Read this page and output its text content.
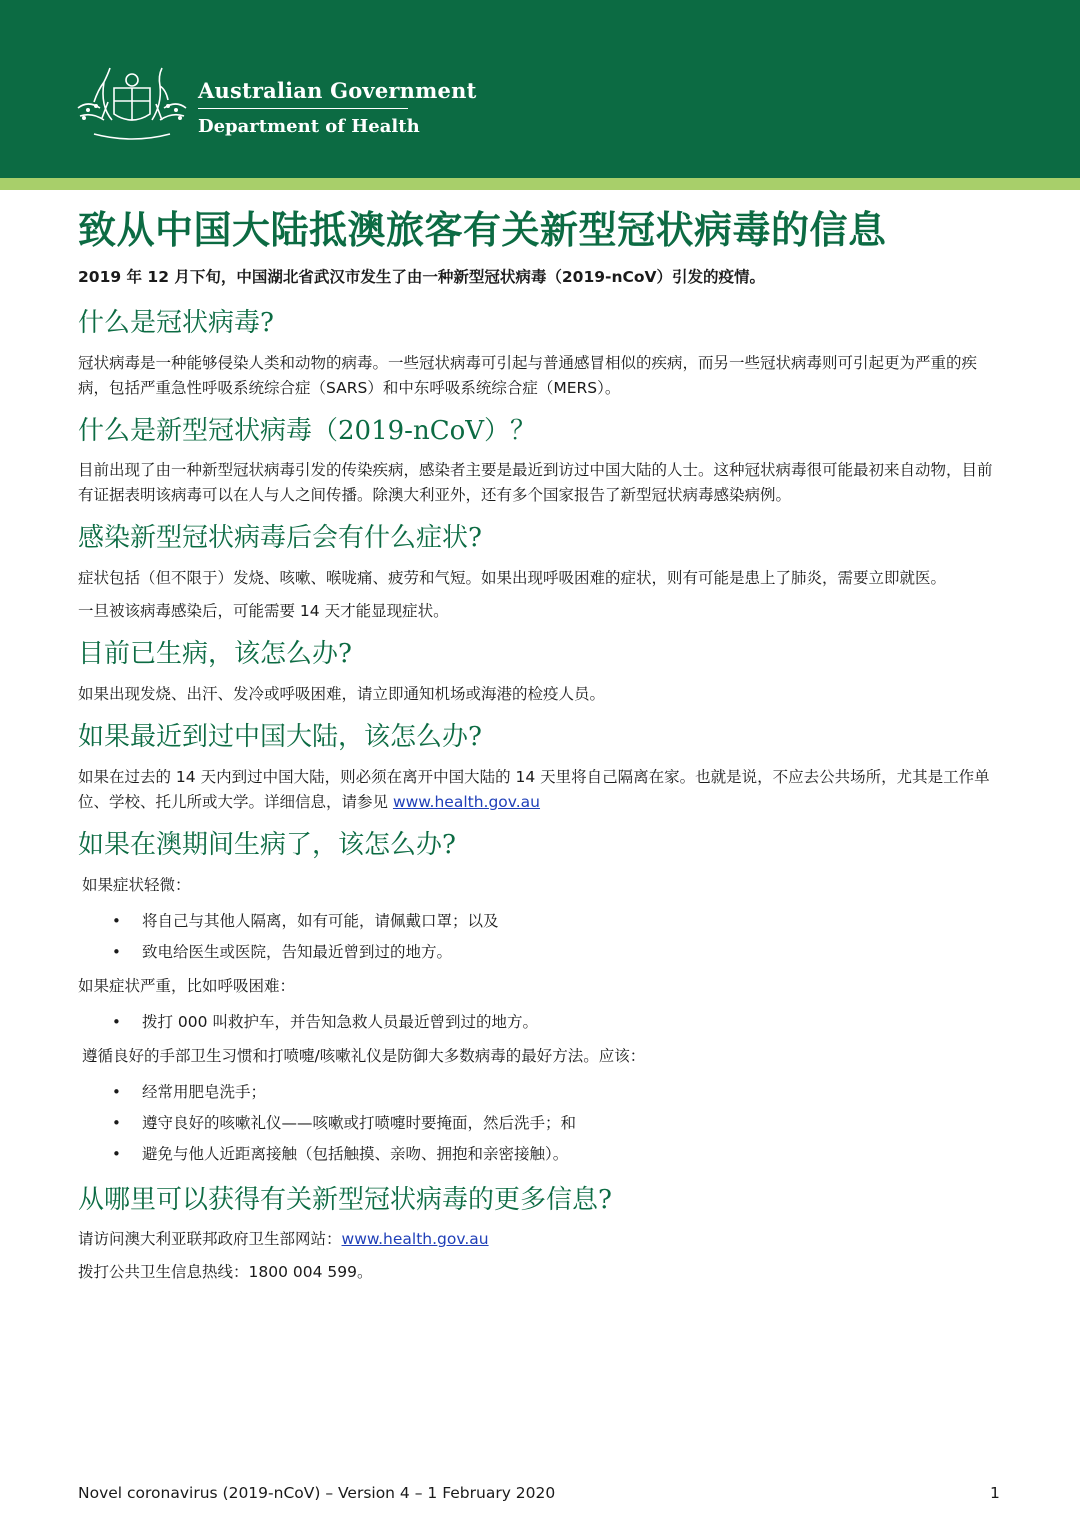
Australian Government
Department of Health
致从中国大陆抵澳旅客有关新型冠状病毒的信息

2019 年 12 月下旬，中国湖北省武汉市发生了由一种新型冠状病毒（2019-nCoV）引发的疫情。

什么是冠状病毒?

冠状病毒是一种能够侵染人类和动物的病毒。一些冠状病毒可引起与普通感冒相似的疾病，而另一些冠状病毒则可引起更为严重的疾病，包括严重急性呼吸系统综合症（SARS）和中东呼吸系统综合症（MERS）。

什么是新型冠状病毒（2019-nCoV）？

目前出现了由一种新型冠状病毒引发的传染疾病，感染者主要是最近到访过中国大陆的人士。这种冠状病毒很可能最初来自动物，目前有证据表明该病毒可以在人与人之间传播。除澳大利亚外，还有多个国家报告了新型冠状病毒感染病例。

感染新型冠状病毒后会有什么症状?

症状包括（但不限于）发烧、咳嗽、喉咙痛、疲劳和气短。如果出现呼吸困难的症状，则有可能是患上了肺炎，需要立即就医。

一旦被该病毒感染后，可能需要 14 天才能显现症状。

目前已生病，该怎么办?

如果出现发烧、出汗、发冷或呼吸困难，请立即通知机场或海港的检疫人员。

如果最近到过中国大陆，该怎么办?

如果在过去的 14 天内到过中国大陆，则必须在离开中国大陆的 14 天里将自己隔离在家。也就是说，不应去公共场所，尤其是工作单位、学校、托儿所或大学。详细信息，请参见 www.health.gov.au

如果在澳期间生病了，该怎么办?

如果症状轻微：

• 将自己与其他人隔离，如有可能，请佩戴口罩；以及
• 致电给医生或医院，告知最近曾到过的地方。

如果症状严重，比如呼吸困难：

• 拨打 000 叫救护车，并告知急救人员最近曾到过的地方。

遵循良好的手部卫生习惯和打喷嚏/咳嗽礼仪是防御大多数病毒的最好方法。应该：

• 经常用肥皂洗手；
• 遵守良好的咳嗽礼仪——咳嗽或打喷嚏时要掩面，然后洗手；和
• 避免与他人近距离接触（包括触摸、亲吻、拥抱和亲密接触）。
从哪里可以获得有关新型冠状病毒的更多信息?

请访问澳大利亚联邦政府卫生部网站：www.health.gov.au

拨打公共卫生信息热线：1800 004 599。

Novel coronavirus (2019-nCoV) – Version 4 – 1 February 2020	1
